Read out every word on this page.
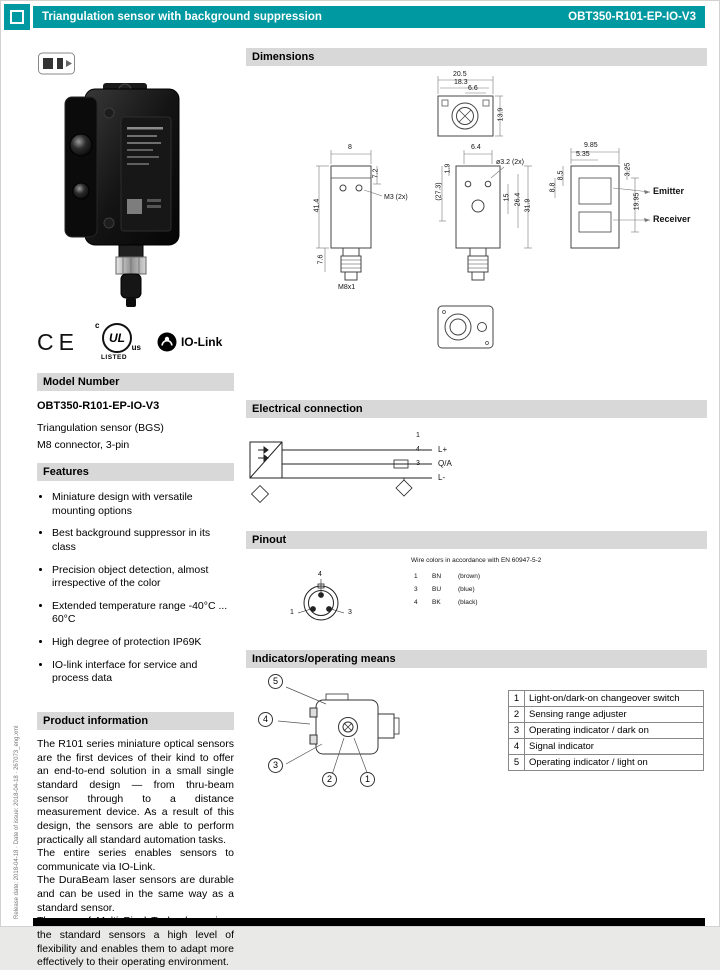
Triangulation sensor with background suppression	OBT350-R101-EP-IO-V3
Release date: 2018-04-18 · Date of issue: 2018-04-18 · 267073_eng.xml
CE
c
UL
us
LISTED
IO-Link
Model Number
OBT350-R101-EP-IO-V3
Triangulation sensor (BGS)
M8 connector, 3-pin
Features
• Miniature design with versatile mounting options
• Best background suppressor in its class
• Precision object detection, almost irrespective of the color
• Extended temperature range -40°C ... 60°C
• High degree of protection IP69K
• IO-link interface for service and process data
Product information

The R101 series miniature optical sensors are the first devices of their kind to offer an end-to-end solution in a small single standard design — from thru-beam sensor through to a distance measurement device. As a result of this design, the sensors are able to perform practically all standard automation tasks.

The entire series enables sensors to communicate via IO-Link.

The DuraBeam laser sensors are durable and can be used in the same way as a standard sensor.

the standard sensors a high level of flexibility and enables them to adapt more effectively to their operating environment.

Dimensions
20.5
18.3
6.6
13.9
8
7.2
M3 (2x)
41.4
7.6
M8x1
6.4
ø3.2 (2x)
1.9
(27.3)	15 26.4 31.9
9.85
5.35
3.25
8.5
8.8
19.95
Emitter
Receiver
Electrical connection
1
4
3
L+
Q/A
L-
Pinout
4
1	3
Wire colors in accordance with EN 60947-5-2
1	BN	(brown)
3	BU	(blue)
4	BK	(black)
Indicators/operating means
5
4
3
2	1
1	Light-on/dark-on changeover switch
2	Sensing range adjuster
3	Operating indicator / dark on
4	Signal indicator
5	Operating indicator / light on
